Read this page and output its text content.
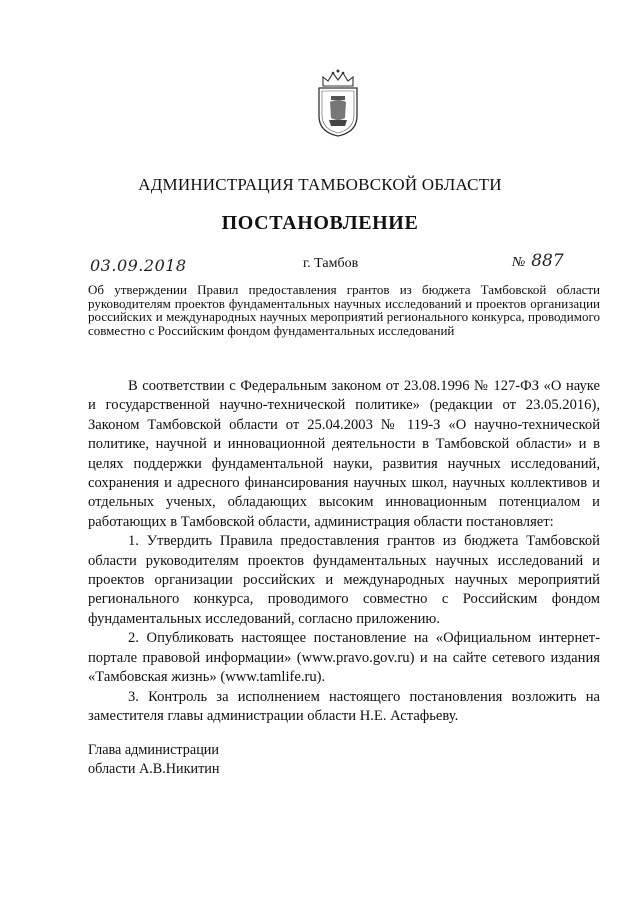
АДМИНИСТРАЦИЯ ТАМБОВСКОЙ ОБЛАСТИ
ПОСТАНОВЛЕНИЕ
03.09.2018	г. Тамбов	№ 887
Об утверждении Правил предоставления грантов из бюджета Тамбовской области руководителям проектов фундаментальных научных исследований и проектов организации российских и международных научных мероприятий регионального конкурса, проводимого совместно с Российским фондом фундаментальных исследований

В соответствии с Федеральным законом от 23.08.1996 № 127-ФЗ «О науке и государственной научно-технической политике» (редакции от 23.05.2016), Законом Тамбовской области от 25.04.2003 № 119-З «О научно-технической политике, научной и инновационной деятельности в Тамбовской области» и в целях поддержки фундаментальной науки, развития научных исследований, сохранения и адресного финансирования научных школ, научных коллективов и отдельных ученых, обладающих высоким инновационным потенциалом и работающих в Тамбовской области, администрация области постановляет:

1. Утвердить Правила предоставления грантов из бюджета Тамбовской области руководителям проектов фундаментальных научных исследований и проектов организации российских и международных научных мероприятий регионального конкурса, проводимого совместно с Российским фондом фундаментальных исследований, согласно приложению.

2. Опубликовать настоящее постановление на «Официальном интернет-портале правовой информации» (www.pravo.gov.ru) и на сайте сетевого издания «Тамбовская жизнь» (www.tamlife.ru).

3. Контроль за исполнением настоящего постановления возложить на заместителя главы администрации области Н.Е. Астафьеву.

Глава администрации
области А.В.Никитин
